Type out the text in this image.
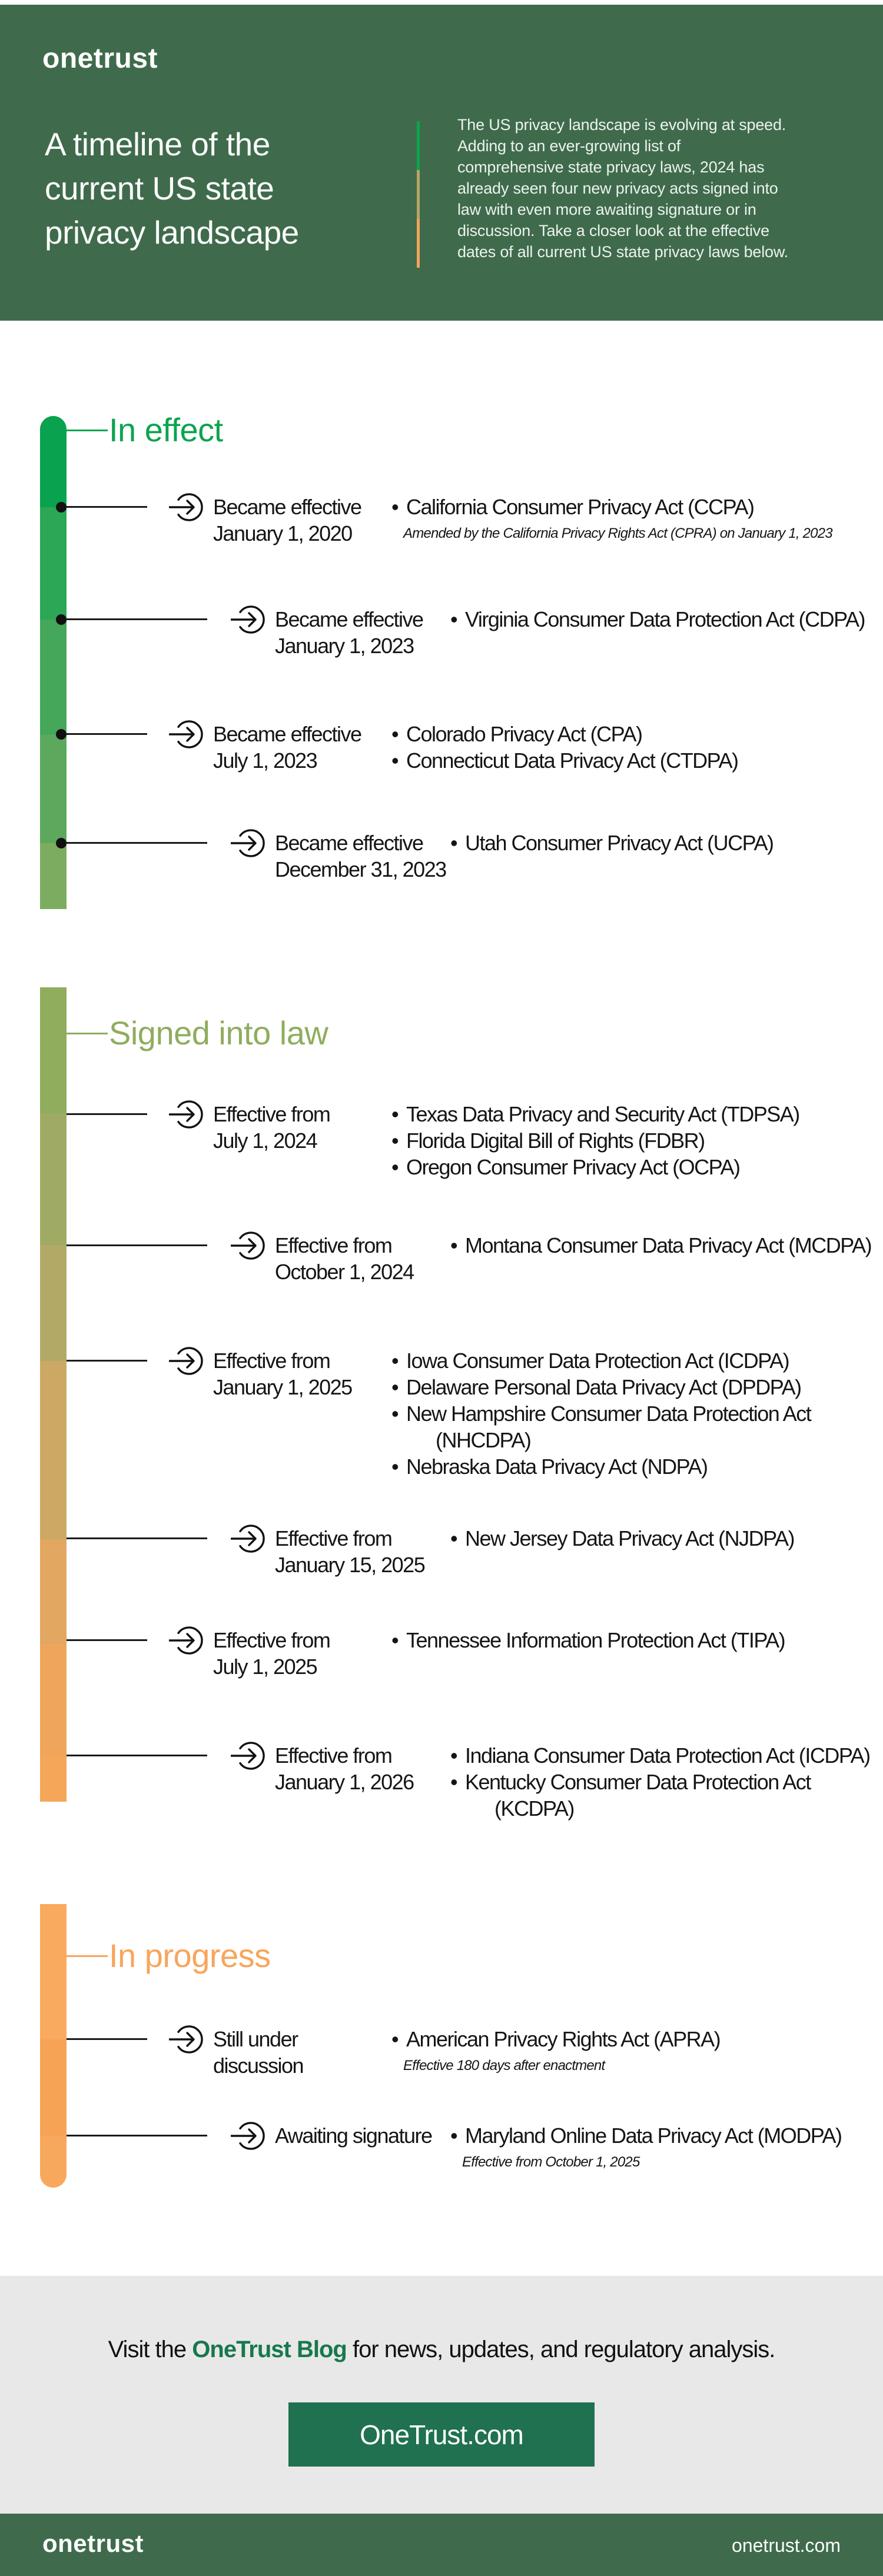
onetrust
A timeline of the
current US state
privacy landscape
The US privacy landscape is evolving at speed.
Adding to an ever-growing list of
comprehensive state privacy laws, 2024 has
already seen four new privacy acts signed into
law with even more awaiting signature or in
discussion. Take a closer look at the effective
dates of all current US state privacy laws below.
In effect
Became effective
January 1, 2020
• California Consumer Privacy Act (CCPA)
Amended by the California Privacy Rights Act (CPRA) on January 1, 2023
Became effective
January 1, 2023
• Virginia Consumer Data Protection Act (CDPA)
Became effective
July 1, 2023
• Colorado Privacy Act (CPA)
• Connecticut Data Privacy Act (CTDPA)
Became effective
December 31, 2023
• Utah Consumer Privacy Act (UCPA)
Signed into law
Effective from
July 1, 2024
• Texas Data Privacy and Security Act (TDPSA)
• Florida Digital Bill of Rights (FDBR)
• Oregon Consumer Privacy Act (OCPA)
Effective from
October 1, 2024
• Montana Consumer Data Privacy Act (MCDPA)
Effective from
January 1, 2025
• Iowa Consumer Data Protection Act (ICDPA)
• Delaware Personal Data Privacy Act (DPDPA)
• New Hampshire Consumer Data Protection Act
(NHCDPA)
• Nebraska Data Privacy Act (NDPA)
Effective from
January 15, 2025
• New Jersey Data Privacy Act (NJDPA)
Effective from
July 1, 2025
• Tennessee Information Protection Act (TIPA)
Effective from
January 1, 2026
• Indiana Consumer Data Protection Act (ICDPA)
• Kentucky Consumer Data Protection Act
(KCDPA)
In progress
Still under
discussion
• American Privacy Rights Act (APRA)
Effective 180 days after enactment
Awaiting signature • Maryland Online Data Privacy Act (MODPA)
Effective from October 1, 2025
Visit the OneTrust Blog for news, updates, and regulatory analysis.
OneTrust.com
onetrust	onetrust.com
